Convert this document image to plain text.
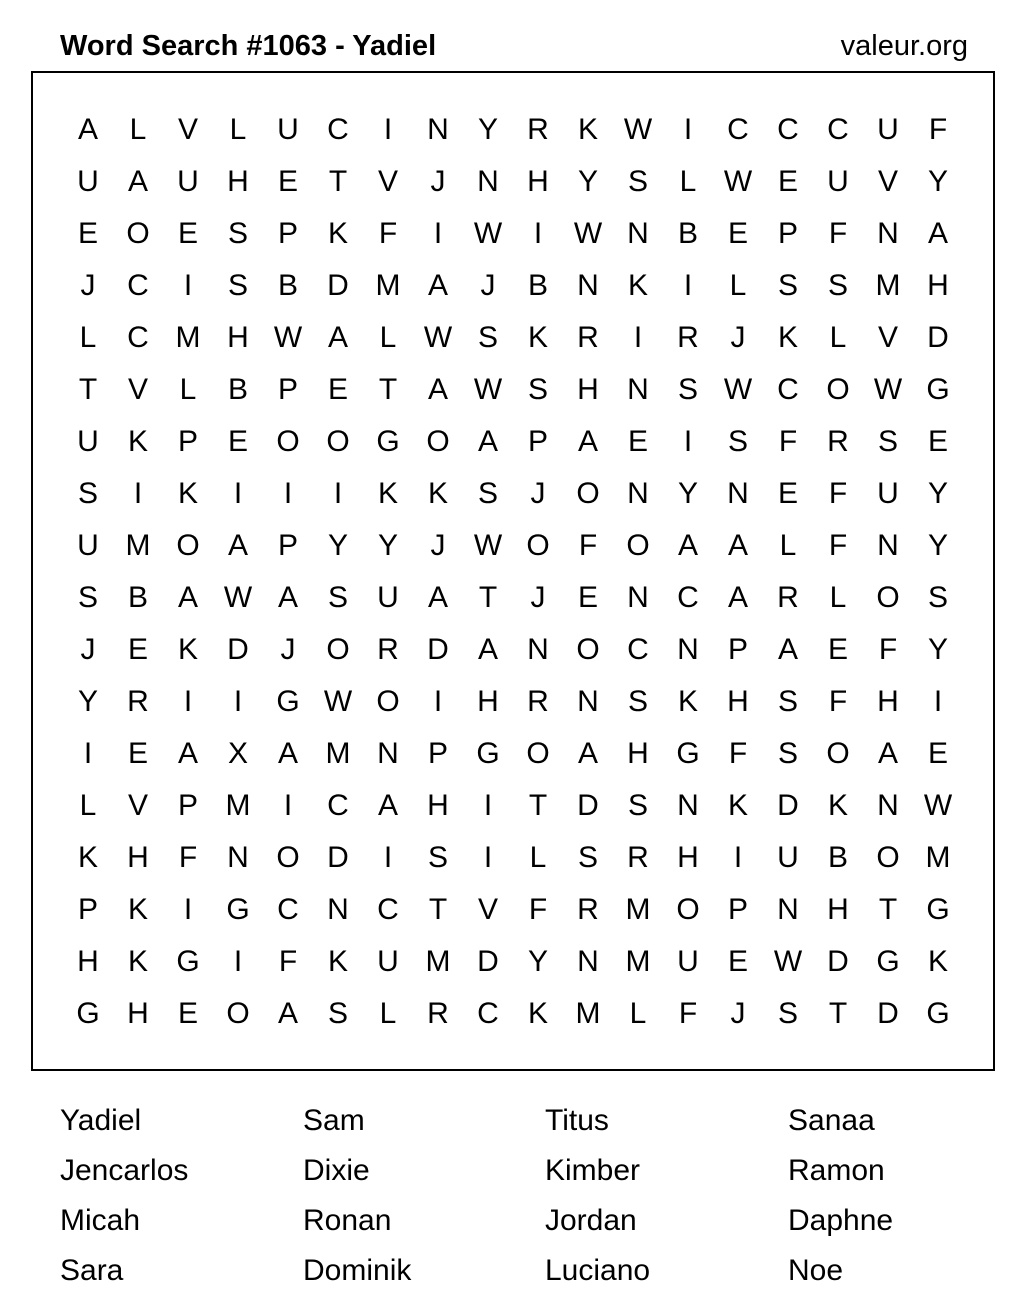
Word Search #1063 - Yadiel	valeur.org
A	L	V	L	U C	I	N Y R K W	I	C C C U	F
U A U H E	T	V	J	N H Y S	L W E U V Y
E O E S P K	F	I	W	I	W N B E P	F	N A
J	C	I	S B D M A	J	B N K	I	L	S S M H
L	C M H W A	L W S K R	I	R	J	K	L	V D
T	V	L	B P E	T	A W S H N S W C O W G
U K P E O O G O A P A E	I	S	F	R S E
S	I	K	I	I	I	K K S	J	O N Y N E	F	U Y
U M O A P Y Y	J W O F O A A	L	F	N Y
S B A W A S U A	T	J	E N C A R	L O S
J	E K D	J	O R D A N O C N P A E	F	Y
Y R	I	I	G W O	I	H R N S K H S	F	H	I
I	E A X A M N P G O A H G F	S O A E
L	V P M	I	C A H	I	T	D S N K D K N W
K H	F	N O D	I	S	I	L	S R H	I	U B O M
P K	I	G C N C	T	V	F	R M O P N H	T G
H K G	I	F	K U M D Y N M U E W D G K
G H E O A S	L	R C K M L	F	J	S	T	D G
Yadiel	Sam	Titus	Sanaa
Jencarlos	Dixie	Kimber	Ramon
Micah	Ronan	Jordan	Daphne
Sara	Dominik	Luciano	Noe
